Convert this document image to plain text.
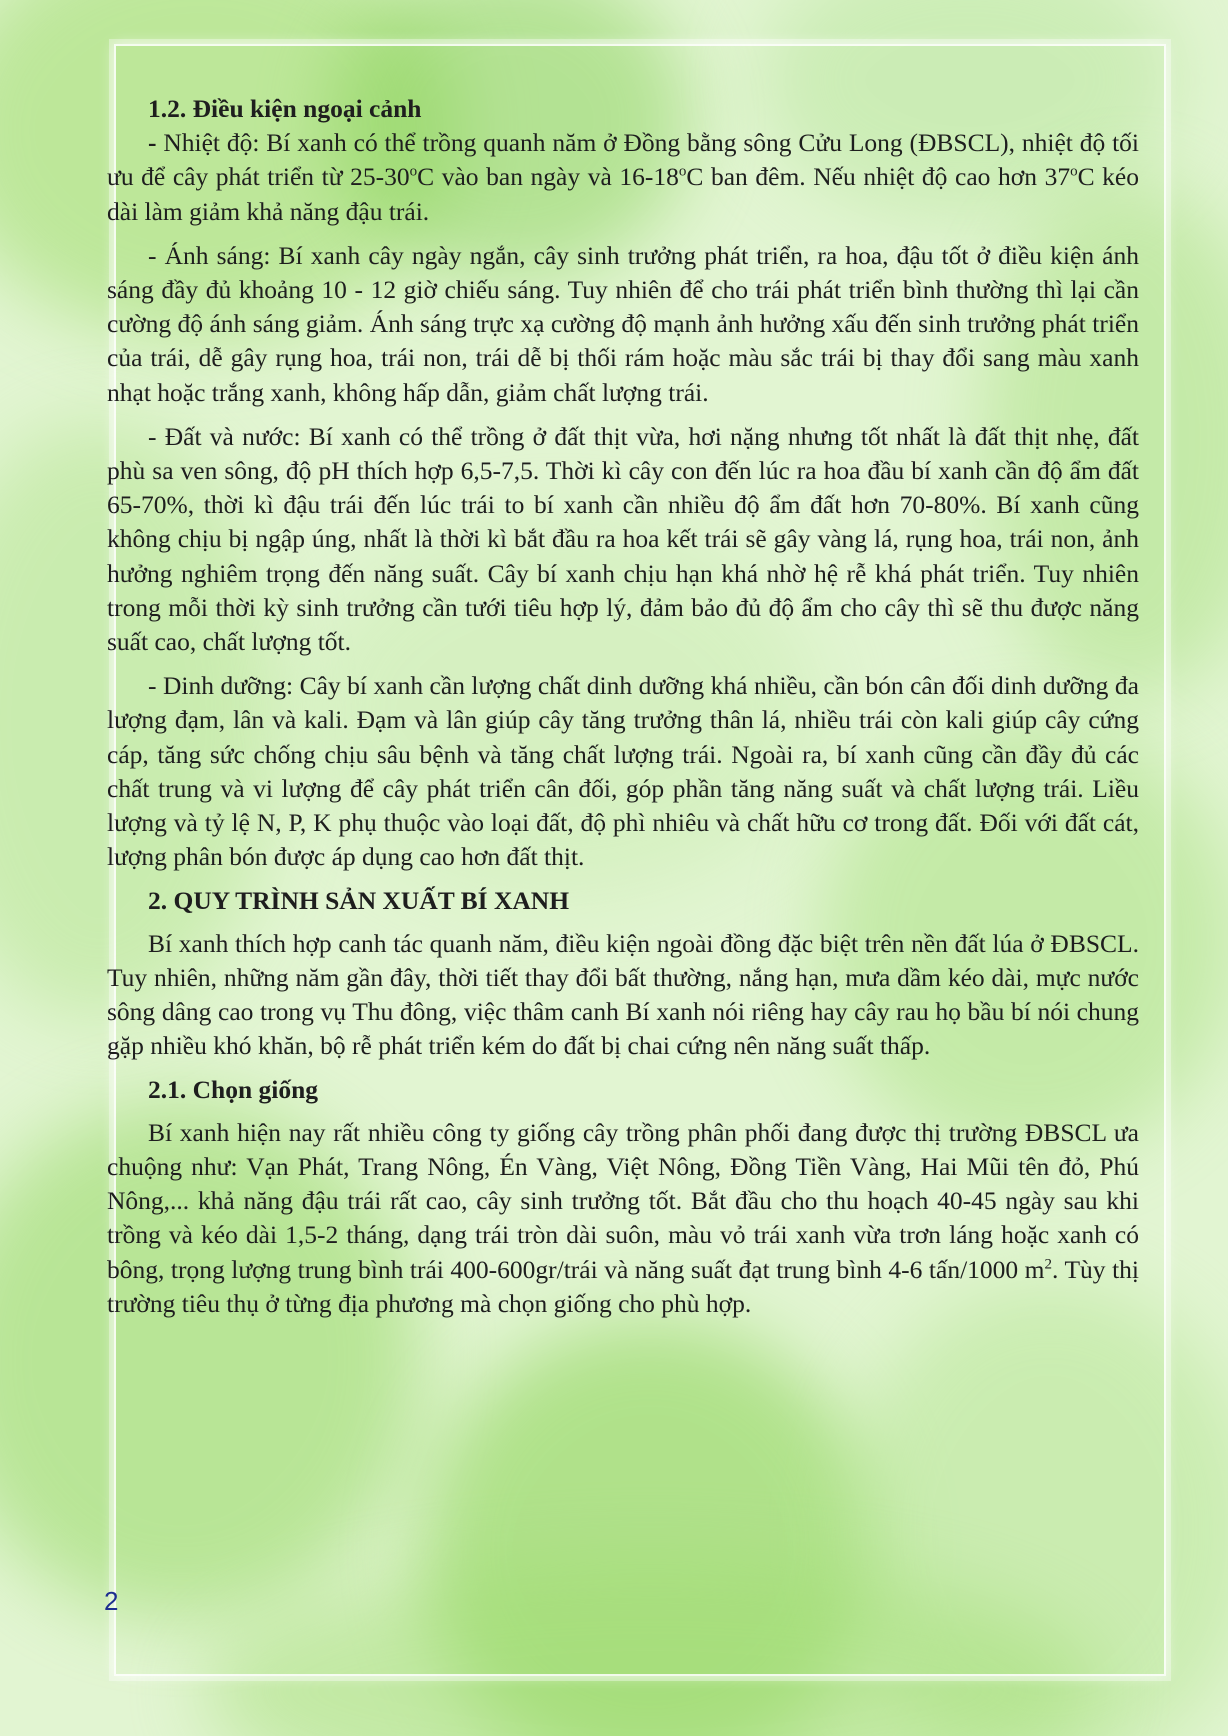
1.2. Điều kiện ngoại cảnh

- Nhiệt độ: Bí xanh có thể trồng quanh năm ở Đồng bằng sông Cửu Long (ĐBSCL), nhiệt độ tối ưu để cây phát triển từ 25-30$^o$C vào ban ngày và 16-18$^o$C ban đêm. Nếu nhiệt độ cao hơn 37$^o$C kéo dài làm giảm khả năng đậu trái.

- Ánh sáng: Bí xanh cây ngày ngắn, cây sinh trưởng phát triển, ra hoa, đậu tốt ở điều kiện ánh sáng đầy đủ khoảng 10 - 12 giờ chiếu sáng. Tuy nhiên để cho trái phát triển bình thường thì lại cần cường độ ánh sáng giảm. Ánh sáng trực xạ cường độ mạnh ảnh hưởng xấu đến sinh trưởng phát triển của trái, dễ gây rụng hoa, trái non, trái dễ bị thối rám hoặc màu sắc trái bị thay đổi sang màu xanh nhạt hoặc trắng xanh, không hấp dẫn, giảm chất lượng trái.

- Đất và nước: Bí xanh có thể trồng ở đất thịt vừa, hơi nặng nhưng tốt nhất là đất thịt nhẹ, đất phù sa ven sông, độ pH thích hợp 6,5-7,5. Thời kì cây con đến lúc ra hoa đầu bí xanh cần độ ẩm đất 65-70%, thời kì đậu trái đến lúc trái to bí xanh cần nhiều độ ẩm đất hơn 70-80%. Bí xanh cũng không chịu bị ngập úng, nhất là thời kì bắt đầu ra hoa kết trái sẽ gây vàng lá, rụng hoa, trái non, ảnh hưởng nghiêm trọng đến năng suất. Cây bí xanh chịu hạn khá nhờ hệ rễ khá phát triển. Tuy nhiên trong mỗi thời kỳ sinh trưởng cần tưới tiêu hợp lý, đảm bảo đủ độ ẩm cho cây thì sẽ thu được năng suất cao, chất lượng tốt.

- Dinh dưỡng: Cây bí xanh cần lượng chất dinh dưỡng khá nhiều, cần bón cân đối dinh dưỡng đa lượng đạm, lân và kali. Đạm và lân giúp cây tăng trưởng thân lá, nhiều trái còn kali giúp cây cứng cáp, tăng sức chống chịu sâu bệnh và tăng chất lượng trái. Ngoài ra, bí xanh cũng cần đầy đủ các chất trung và vi lượng để cây phát triển cân đối, góp phần tăng năng suất và chất lượng trái. Liều lượng và tỷ lệ N, P, K phụ thuộc vào loại đất, độ phì nhiêu và chất hữu cơ trong đất. Đối với đất cát, lượng phân bón được áp dụng cao hơn đất thịt.

2. QUY TRÌNH SẢN XUẤT BÍ XANH

Bí xanh thích hợp canh tác quanh năm, điều kiện ngoài đồng đặc biệt trên nền đất lúa ở ĐBSCL. Tuy nhiên, những năm gần đây, thời tiết thay đổi bất thường, nắng hạn, mưa dầm kéo dài, mực nước sông dâng cao trong vụ Thu đông, việc thâm canh Bí xanh nói riêng hay cây rau họ bầu bí nói chung gặp nhiều khó khăn, bộ rễ phát triển kém do đất bị chai cứng nên năng suất thấp.

2.1. Chọn giống

Bí xanh hiện nay rất nhiều công ty giống cây trồng phân phối đang được thị trường ĐBSCL ưa chuộng như: Vạn Phát, Trang Nông, Én Vàng, Việt Nông, Đồng Tiền Vàng, Hai Mũi tên đỏ, Phú Nông,... khả năng đậu trái rất cao, cây sinh trưởng tốt. Bắt đầu cho thu hoạch 40-45 ngày sau khi trồng và kéo dài 1,5-2 tháng, dạng trái tròn dài suôn, màu vỏ trái xanh vừa trơn láng hoặc xanh có bông, trọng lượng trung bình trái 400-600gr/trái và năng suất đạt trung bình 4-6 tấn/1000 $m^2$. Tùy thị trường tiêu thụ ở từng địa phương mà chọn giống cho phù hợp.

2
